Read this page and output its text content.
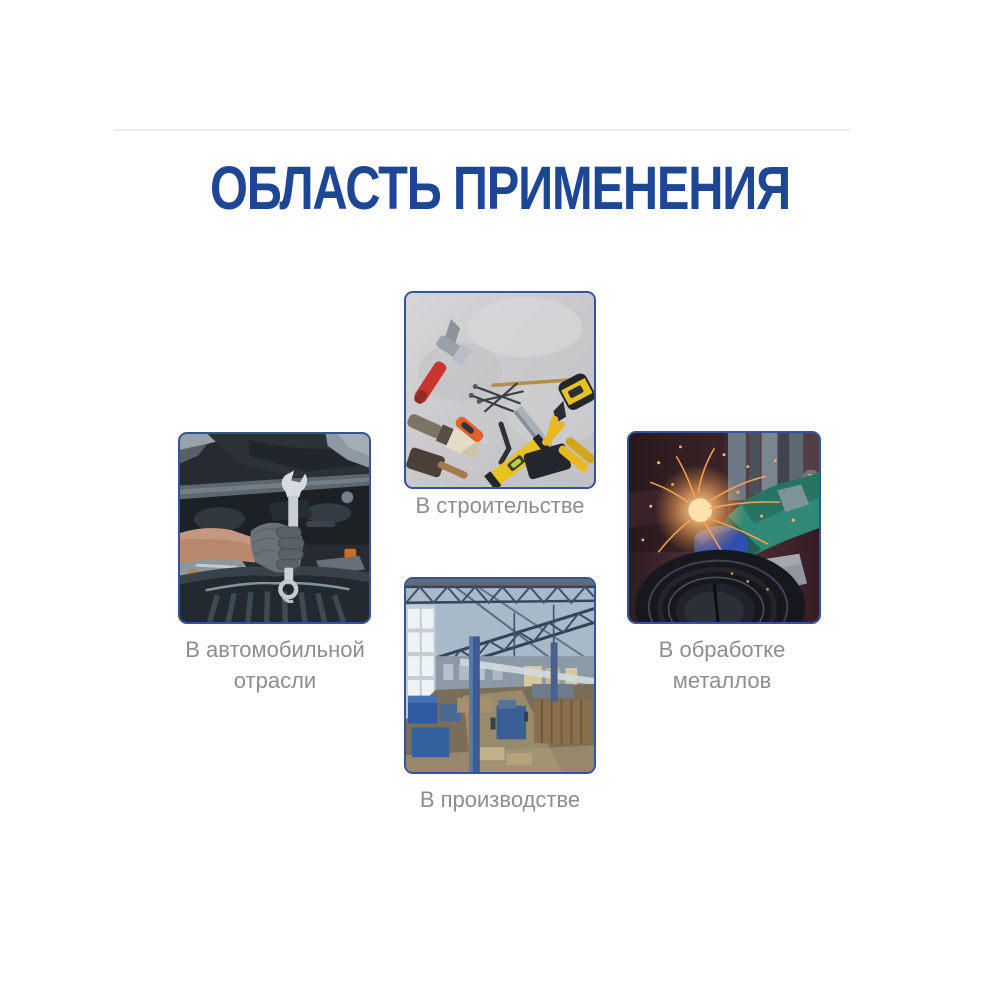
ОБЛАСТЬ ПРИМЕНЕНИЯ
В строительстве
В автомобильной отрасли
В обработке металлов
В производстве
